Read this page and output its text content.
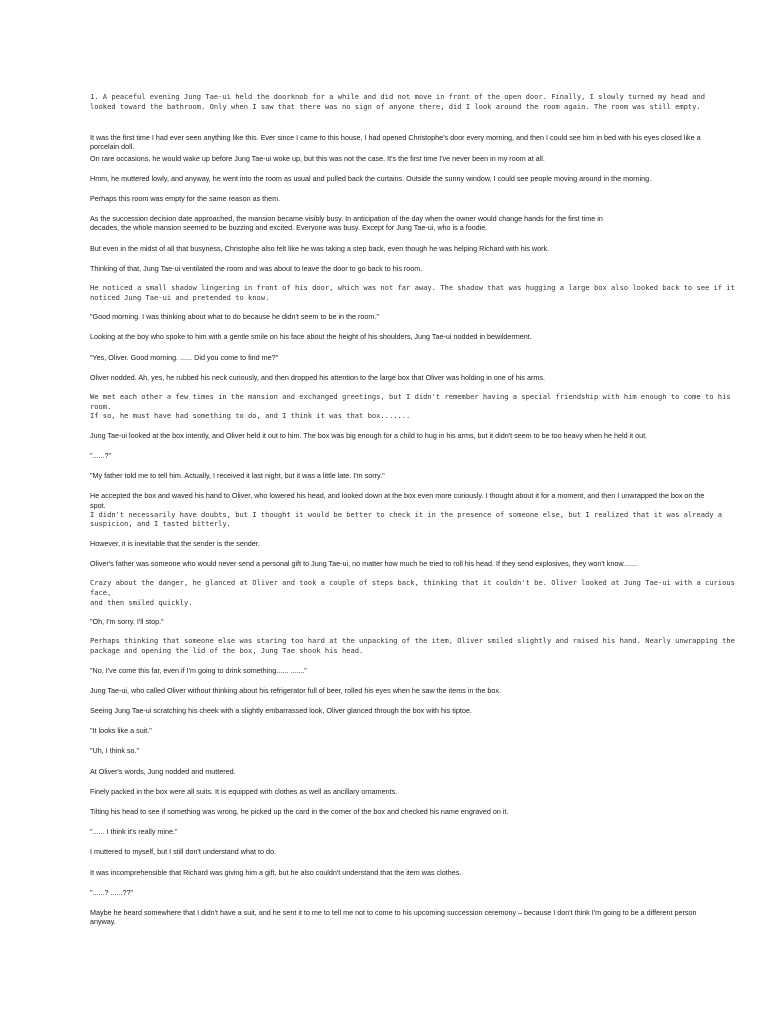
1. A peaceful evening Jung Tae-ui held the doorknob for a while and did not move in front of the open door. Finally, I slowly turned my head and
looked toward the bathroom. Only when I saw that there was no sign of anyone there, did I look around the room again. The room was still empty.

It was the first time I had ever seen anything like this. Ever since I came to this house, I had opened Christophe's door every morning, and then I could see him in bed with his eyes closed like a
porcelain doll.

On rare occasions, he would wake up before Jung Tae-ui woke up, but this was not the case. It's the first time I've never been in my room at all.

Hmm, he muttered lowly, and anyway, he went into the room as usual and pulled back the curtains. Outside the sunny window, I could see people moving around in the morning.

Perhaps this room was empty for the same reason as them.

As the succession decision date approached, the mansion became visibly busy. In anticipation of the day when the owner would change hands for the first time in
decades, the whole mansion seemed to be buzzing and excited. Everyone was busy. Except for Jung Tae-ui, who is a foodie.

But even in the midst of all that busyness, Christophe also felt like he was taking a step back, even though he was helping Richard with his work.

Thinking of that, Jung Tae-ui ventilated the room and was about to leave the door to go back to his room.

He noticed a small shadow lingering in front of his door, which was not far away. The shadow that was hugging a large box also looked back to see if it
noticed Jung Tae-ui and pretended to know.

"Good morning. I was thinking about what to do because he didn't seem to be in the room."

Looking at the boy who spoke to him with a gentle smile on his face about the height of his shoulders, Jung Tae-ui nodded in bewilderment.

"Yes, Oliver. Good morning. ...... Did you come to find me?"

Oliver nodded. Ah, yes, he rubbed his neck curiously, and then dropped his attention to the large box that Oliver was holding in one of his arms.

We met each other a few times in the mansion and exchanged greetings, but I didn't remember having a special friendship with him enough to come to his room.
If so, he must have had something to do, and I think it was that box.......

Jung Tae-ui looked at the box intently, and Oliver held it out to him. The box was big enough for a child to hug in his arms, but it didn't seem to be too heavy when he held it out.

"......?"

"My father told me to tell him. Actually, I received it last night, but it was a little late. I'm sorry."

He accepted the box and waved his hand to Oliver, who lowered his head, and looked down at the box even more curiously. I thought about it for a moment, and then I unwrapped the box on the
spot.

I didn't necessarily have doubts, but I thought it would be better to check it in the presence of someone else, but I realized that it was already a
suspicion, and I tasted bitterly.

However, it is inevitable that the sender is the sender.

Oliver's father was someone who would never send a personal gift to Jung Tae-ui, no matter how much he tried to roll his head. If they send explosives, they won't know.......

Crazy about the danger, he glanced at Oliver and took a couple of steps back, thinking that it couldn't be. Oliver looked at Jung Tae-ui with a curious face,
and then smiled quickly.

"Oh, I'm sorry. I'll stop."

Perhaps thinking that someone else was staring too hard at the unpacking of the item, Oliver smiled slightly and raised his hand. Nearly unwrapping the
package and opening the lid of the box, Jung Tae shook his head.

"No, I've come this far, even if I'm going to drink something...... ......."

Jung Tae-ui, who called Oliver without thinking about his refrigerator full of beer, rolled his eyes when he saw the items in the box.

Seeing Jung Tae-ui scratching his cheek with a slightly embarrassed look, Oliver glanced through the box with his tiptoe.

"It looks like a suit."

"Uh, I think so."

At Oliver's words, Jung nodded and muttered.

Finely packed in the box were all suits. It is equipped with clothes as well as ancillary ornaments.

Tilting his head to see if something was wrong, he picked up the card in the corner of the box and checked his name engraved on it.

"...... I think it's really mine."

I muttered to myself, but I still don't understand what to do.

It was incomprehensible that Richard was giving him a gift, but he also couldn't understand that the item was clothes.

"......? ......??"

Maybe he heard somewhere that I didn't have a suit, and he sent it to me to tell me not to come to his upcoming succession ceremony – because I don't think I'm going to be a different person
anyway.
